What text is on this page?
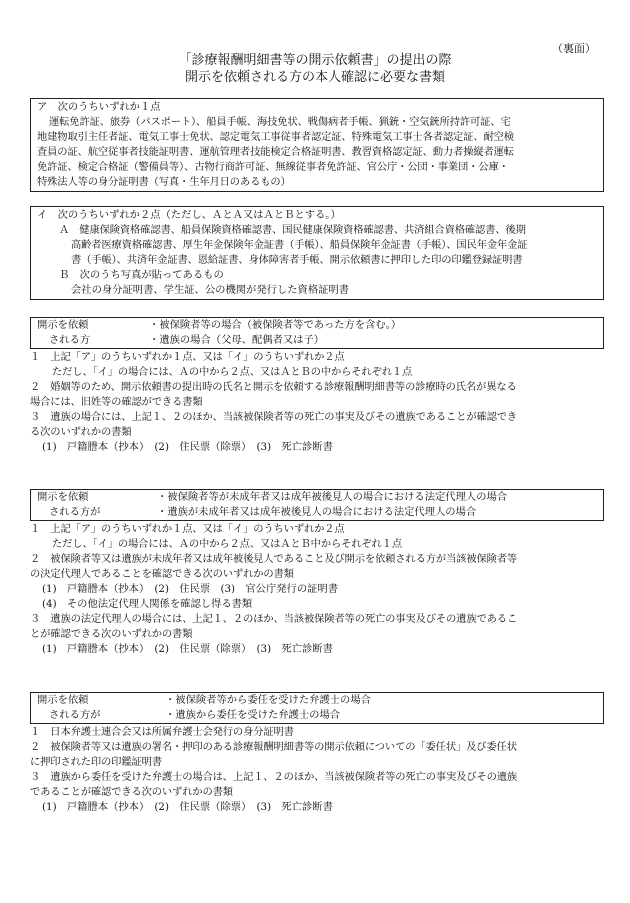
（裏面）
「診療報酬明細書等の開示依頼書」の提出の際
開示を依頼される方の本人確認に必要な書類
ア　次のうちいずれか１点
運転免許証、旅券（パスポート）、船員手帳、海技免状、戦傷病者手帳、猟銃・空気銃所持許可証、宅
地建物取引主任者証、電気工事士免状、認定電気工事従事者認定証、特殊電気工事士各者認定証、耐空検
査員の証、航空従事者技能証明書、運航管理者技能検定合格証明書、教習資格認定証、動力者操縦者運転
免許証、検定合格証（警備員等）、古物行商許可証、無線従事者免許証、官公庁・公団・事業団・公庫・
特殊法人等の身分証明書（写真・生年月日のあるもの）
イ　次のうちいずれか２点（ただし、ＡとＡ又はＡとＢとする。）
Ａ　健康保険資格確認書、船員保険資格確認書、国民健康保険資格確認書、共済組合資格確認書、後期
高齢者医療資格確認書、厚生年金保険年金証書（手帳）、船員保険年金証書（手帳）、国民年金年金証
書（手帳）、共済年金証書、恩給証書、身体障害者手帳、開示依頼書に押印した印の印鑑登録証明書
Ｂ　次のうち写真が貼ってあるもの
会社の身分証明書、学生証、公の機関が発行した資格証明書
開示を依頼	・被保険者等の場合（被保険者等であった方を含む。）
される方	・遺族の場合（父母、配偶者又は子）
１　上記「ア」のうちいずれか１点、又は「イ」のうちいずれか２点
ただし、「イ」の場合には、Ａの中から２点、又はＡとＢの中からそれぞれ１点
２　婚姻等のため、開示依頼書の提出時の氏名と開示を依頼する診療報酬明細書等の診療時の氏名が異なる
場合には、旧姓等の確認ができる書類
３　遺族の場合には、上記１、２のほか、当該被保険者等の死亡の事実及びその遺族であることが確認でき
る次のいずれかの書類
(1)　戸籍謄本（抄本）　(2)　住民票（除票）　(3)　死亡診断書
開示を依頼	・被保険者等が未成年者又は成年被後見人の場合における法定代理人の場合
される方が	・遺族が未成年者又は成年被後見人の場合における法定代理人の場合
１　上記「ア」のうちいずれか１点、又は「イ」のうちいずれか２点
ただし、「イ」の場合には、Ａの中から２点、又はＡとＢ中からそれぞれ１点
２　被保険者等又は遺族が未成年者又は成年被後見人であること及び開示を依頼される方が当該被保険者等
の決定代理人であることを確認できる次のいずれかの書類
(1)　戸籍謄本（抄本）　(2)　住民票　(3)　官公庁発行の証明書
(4)　その他法定代理人関係を確認し得る書類
３　遺族の法定代理人の場合には、上記１、２のほか、当該被保険者等の死亡の事実及びその遺族であるこ
とが確認できる次のいずれかの書類
(1)　戸籍謄本（抄本）　(2)　住民票（除票）　(3)　死亡診断書
開示を依頼	・被保険者等から委任を受けた弁護士の場合
される方が	・遺族から委任を受けた弁護士の場合
１　日本弁護士連合会又は所属弁護士会発行の身分証明書
２　被保険者等又は遺族の署名・押印のある診療報酬明細書等の開示依頼についての「委任状」及び委任状
に押印された印の印鑑証明書
３　遺族から委任を受けた弁護士の場合は、上記１、２のほか、当該被保険者等の死亡の事実及びその遺族
であることが確認できる次のいずれかの書類
(1)　戸籍謄本（抄本）　(2)　住民票（除票）　(3)　死亡診断書
